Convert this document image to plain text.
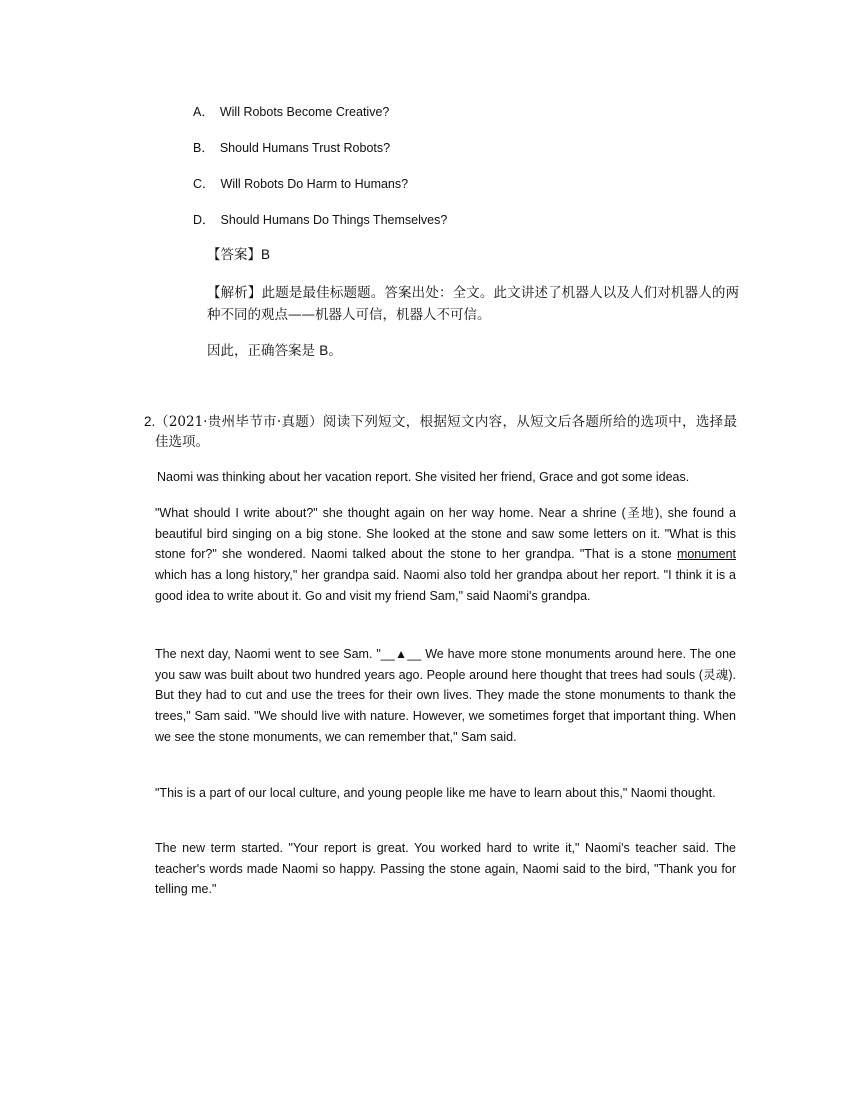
A． Will Robots Become Creative?
B． Should Humans Trust Robots?
C． Will Robots Do Harm to Humans?
D． Should Humans Do Things Themselves?
【答案】B
【解析】此题是最佳标题题。答案出处：全文。此文讲述了机器人以及人们对机器人的两种不同的观点——机器人可信，机器人不可信。
因此，正确答案是 B。
2. （2021·贵州毕节市·真题）阅读下列短文，根据短文内容，从短文后各题所给的选项中，选择最佳选项。
Naomi was thinking about her vacation report. She visited her friend, Grace and got some ideas.
"What should I write about?" she thought again on her way home. Near a shrine (圣地), she found a beautiful bird singing on a big stone. She looked at the stone and saw some letters on it. "What is this stone for?" she wondered. Naomi talked about the stone to her grandpa. "That is a stone monument which has a long history," her grandpa said. Naomi also told her grandpa about her report. "I think it is a good idea to write about it. Go and visit my friend Sam," said Naomi's grandpa.
The next day, Naomi went to see Sam. "__▲__ We have more stone monuments around here. The one you saw was built about two hundred years ago. People around here thought that trees had souls (灵魂). But they had to cut and use the trees for their own lives. They made the stone monuments to thank the trees," Sam said. "We should live with nature. However, we sometimes forget that important thing. When we see the stone monuments, we can remember that," Sam said.
"This is a part of our local culture, and young people like me have to learn about this," Naomi thought.
The new term started. "Your report is great. You worked hard to write it," Naomi's teacher said. The teacher's words made Naomi so happy. Passing the stone again, Naomi said to the bird, "Thank you for telling me."
